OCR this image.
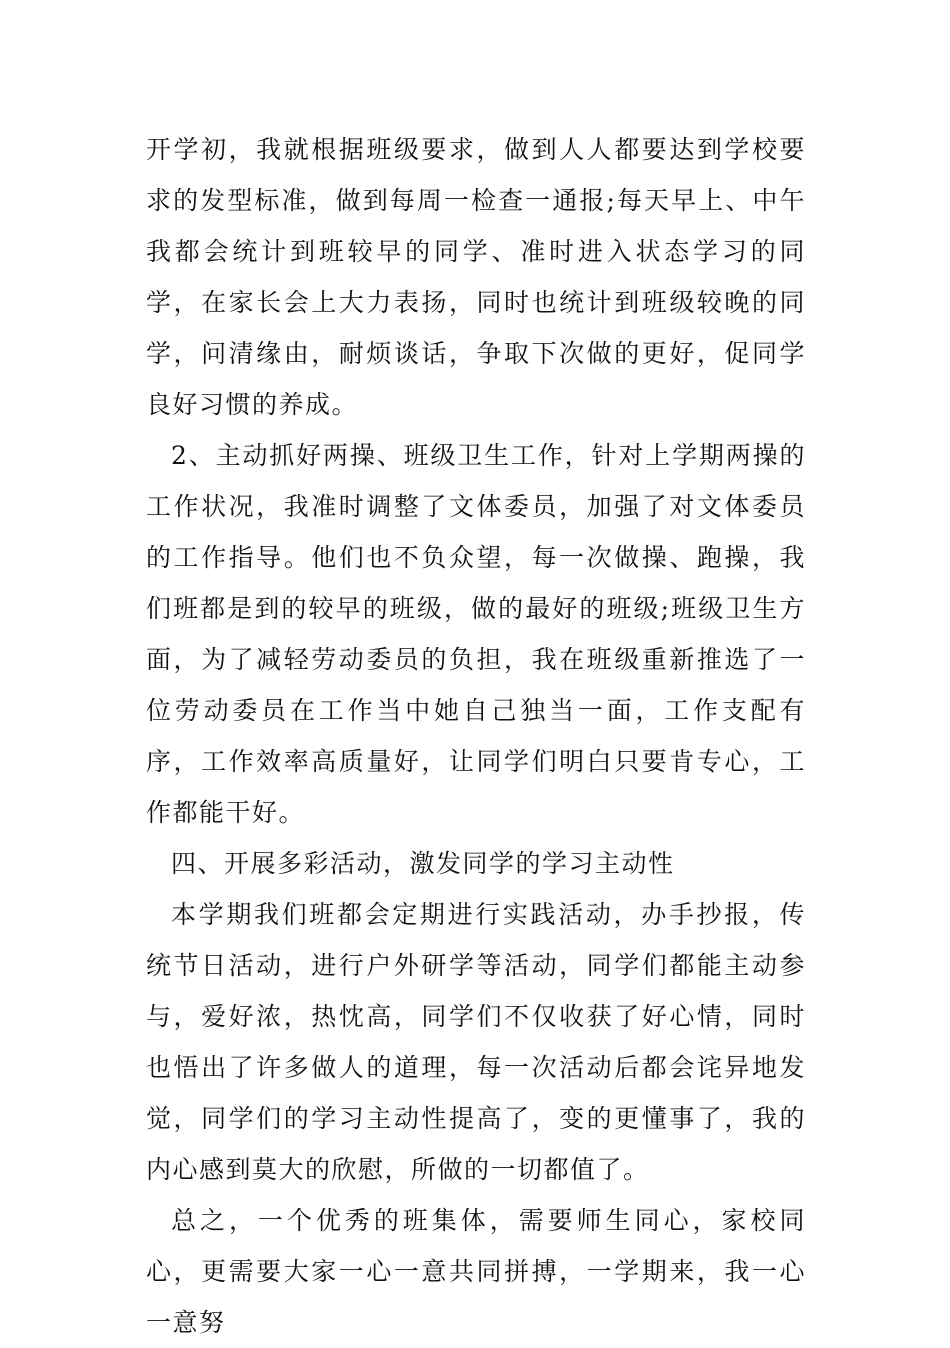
开学初，我就根据班级要求，做到人人都要达到学校要求的发型标准，做到每周一检查一通报;每天早上、中午我都会统计到班较早的同学、准时进入状态学习的同学，在家长会上大力表扬，同时也统计到班级较晚的同学，问清缘由，耐烦谈话，争取下次做的更好，促同学良好习惯的养成。

2、主动抓好两操、班级卫生工作，针对上学期两操的工作状况，我准时调整了文体委员，加强了对文体委员的工作指导。他们也不负众望，每一次做操、跑操，我们班都是到的较早的班级，做的最好的班级;班级卫生方面，为了减轻劳动委员的负担，我在班级重新推选了一位劳动委员在工作当中她自己独当一面，工作支配有序，工作效率高质量好，让同学们明白只要肯专心，工作都能干好。

四、开展多彩活动，激发同学的学习主动性

本学期我们班都会定期进行实践活动，办手抄报，传统节日活动，进行户外研学等活动，同学们都能主动参与，爱好浓，热忱高，同学们不仅收获了好心情，同时也悟出了许多做人的道理，每一次活动后都会诧异地发觉，同学们的学习主动性提高了，变的更懂事了，我的内心感到莫大的欣慰，所做的一切都值了。

总之，一个优秀的班集体，需要师生同心，家校同心，更需要大家一心一意共同拼搏，一学期来，我一心一意努
